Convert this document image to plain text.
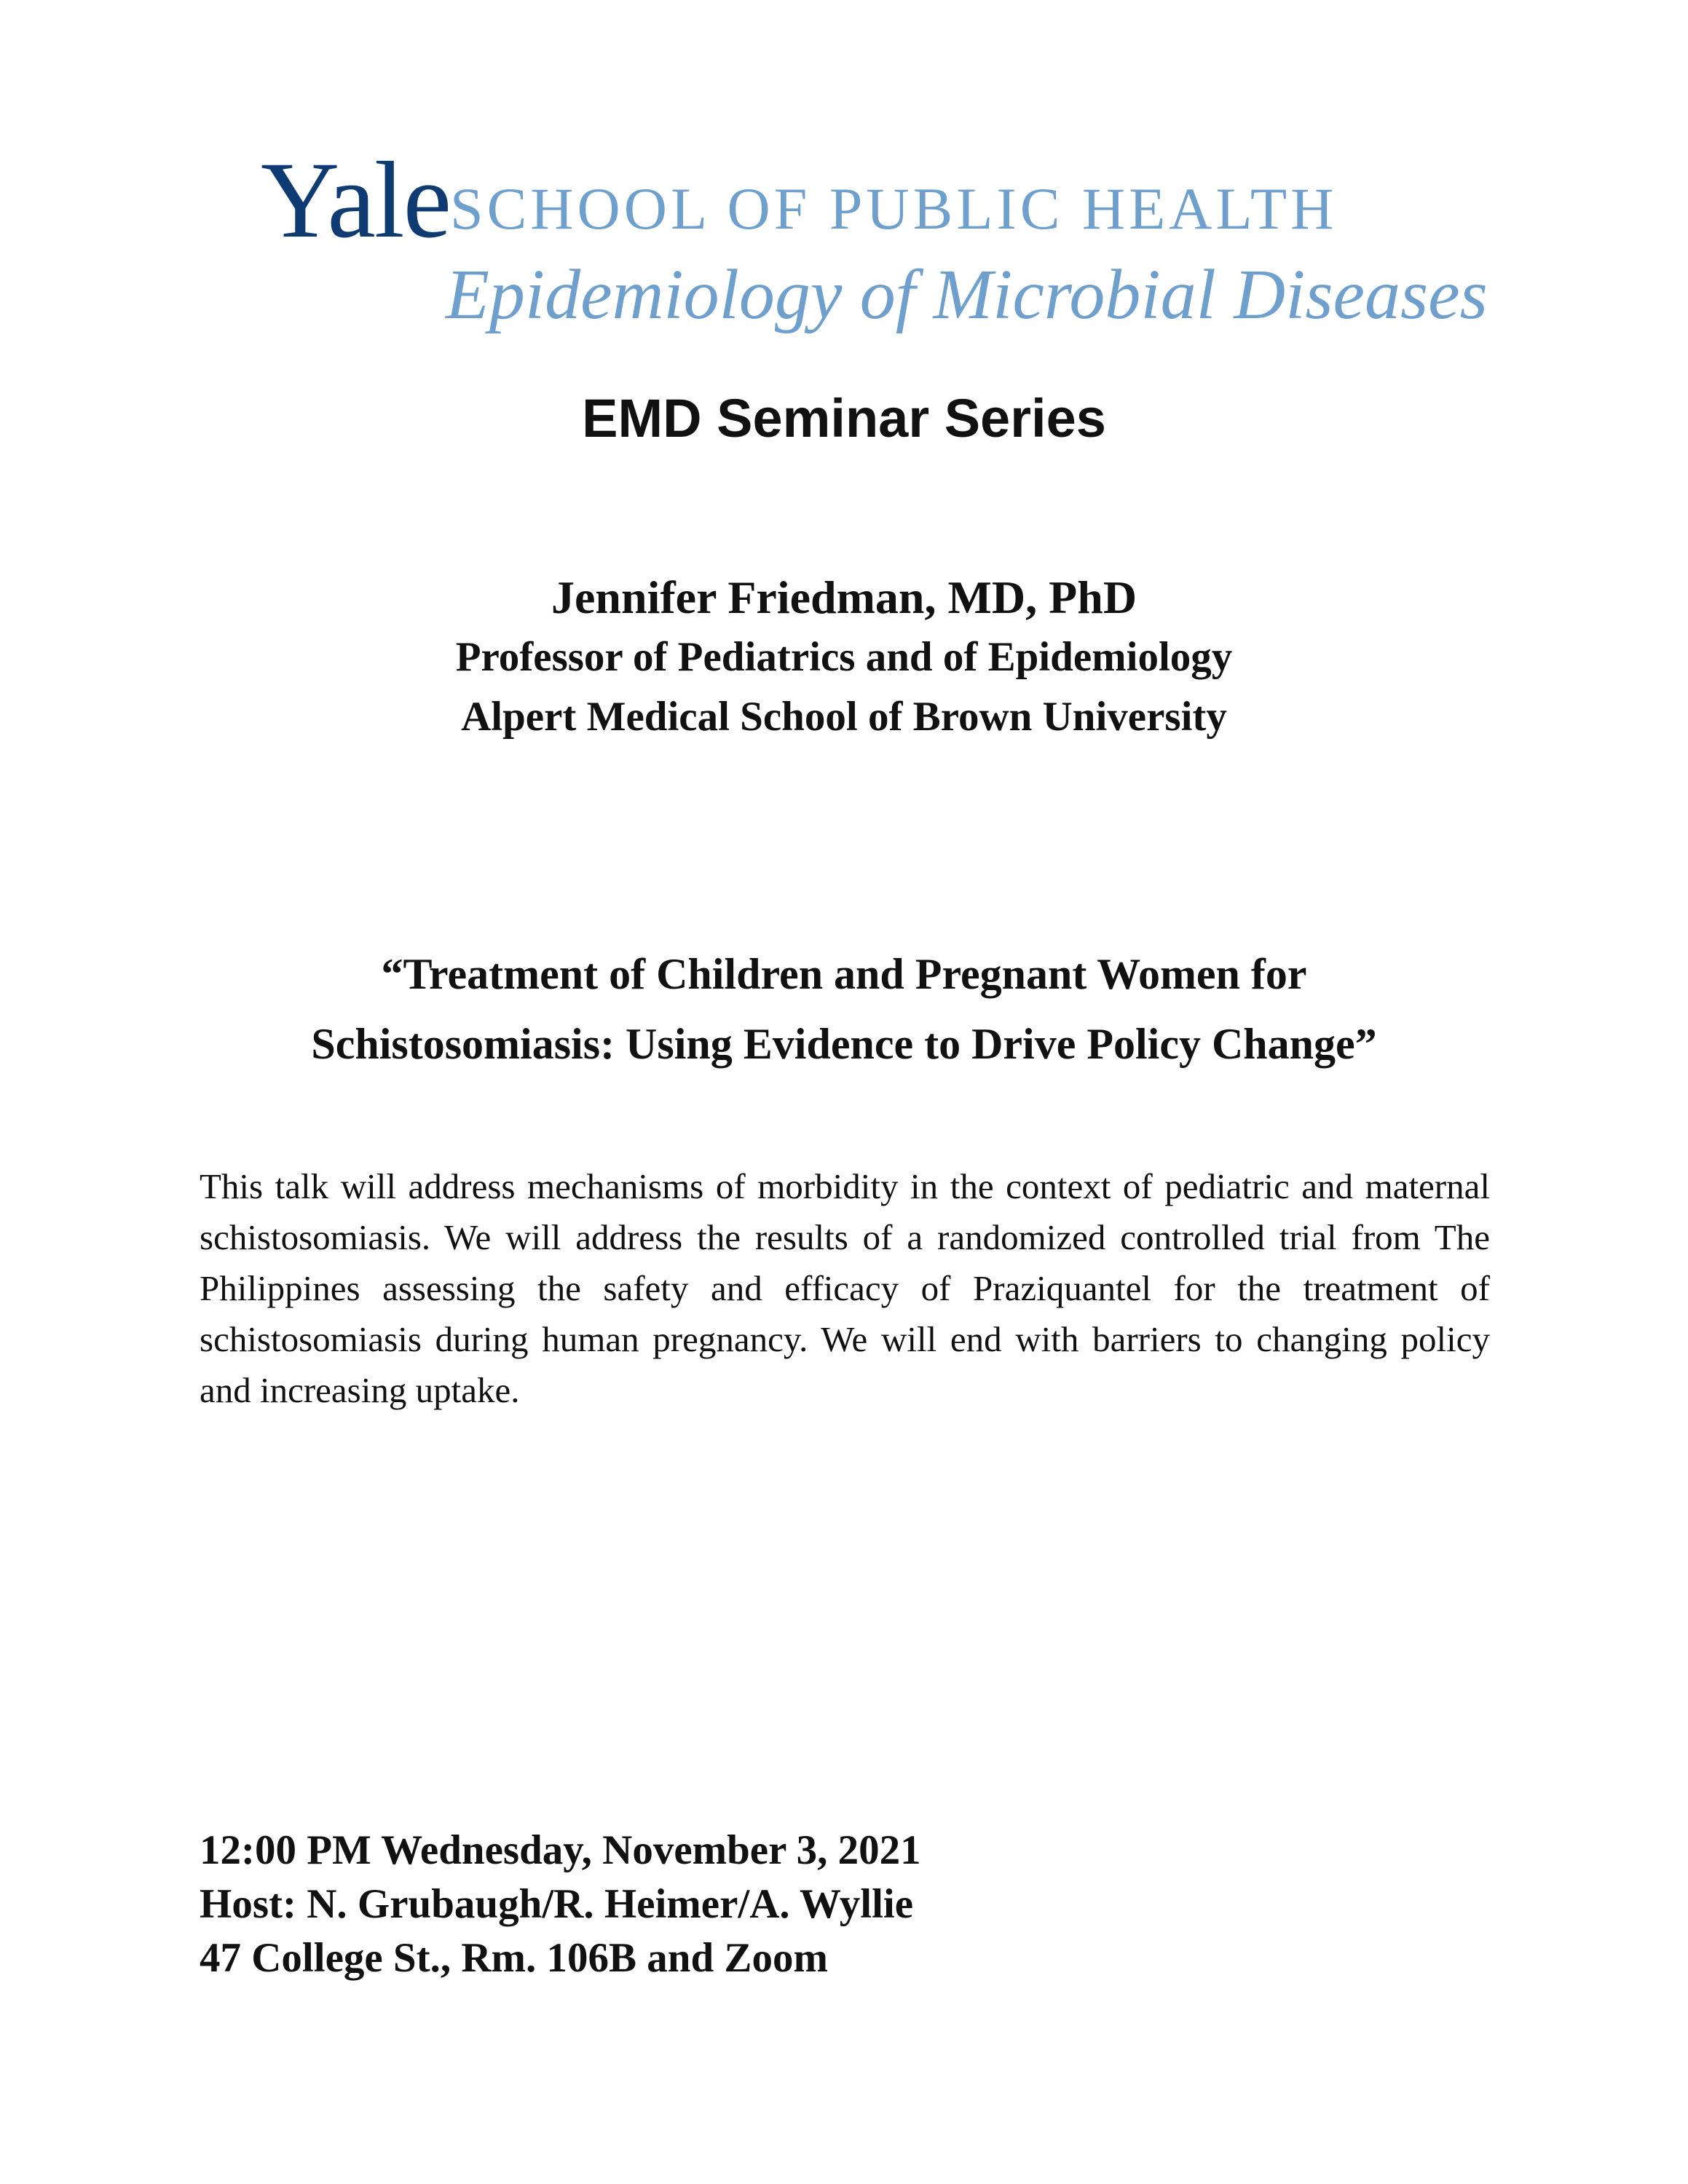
Yale SCHOOL OF PUBLIC HEALTH
Epidemiology of Microbial Diseases
EMD Seminar Series
Jennifer Friedman, MD, PhD
Professor of Pediatrics and of Epidemiology
Alpert Medical School of Brown University
“Treatment of Children and Pregnant Women for
Schistosomiasis: Using Evidence to Drive Policy Change”
This talk will address mechanisms of morbidity in the context of pediatric and maternal schistosomiasis. We will address the results of a randomized controlled trial from The Philippines assessing the safety and efficacy of Praziquantel for the treatment of schistosomiasis during human pregnancy. We will end with barriers to changing policy and increasing uptake.
12:00 PM Wednesday, November 3, 2021
Host: N. Grubaugh/R. Heimer/A. Wyllie
47 College St., Rm. 106B and Zoom
